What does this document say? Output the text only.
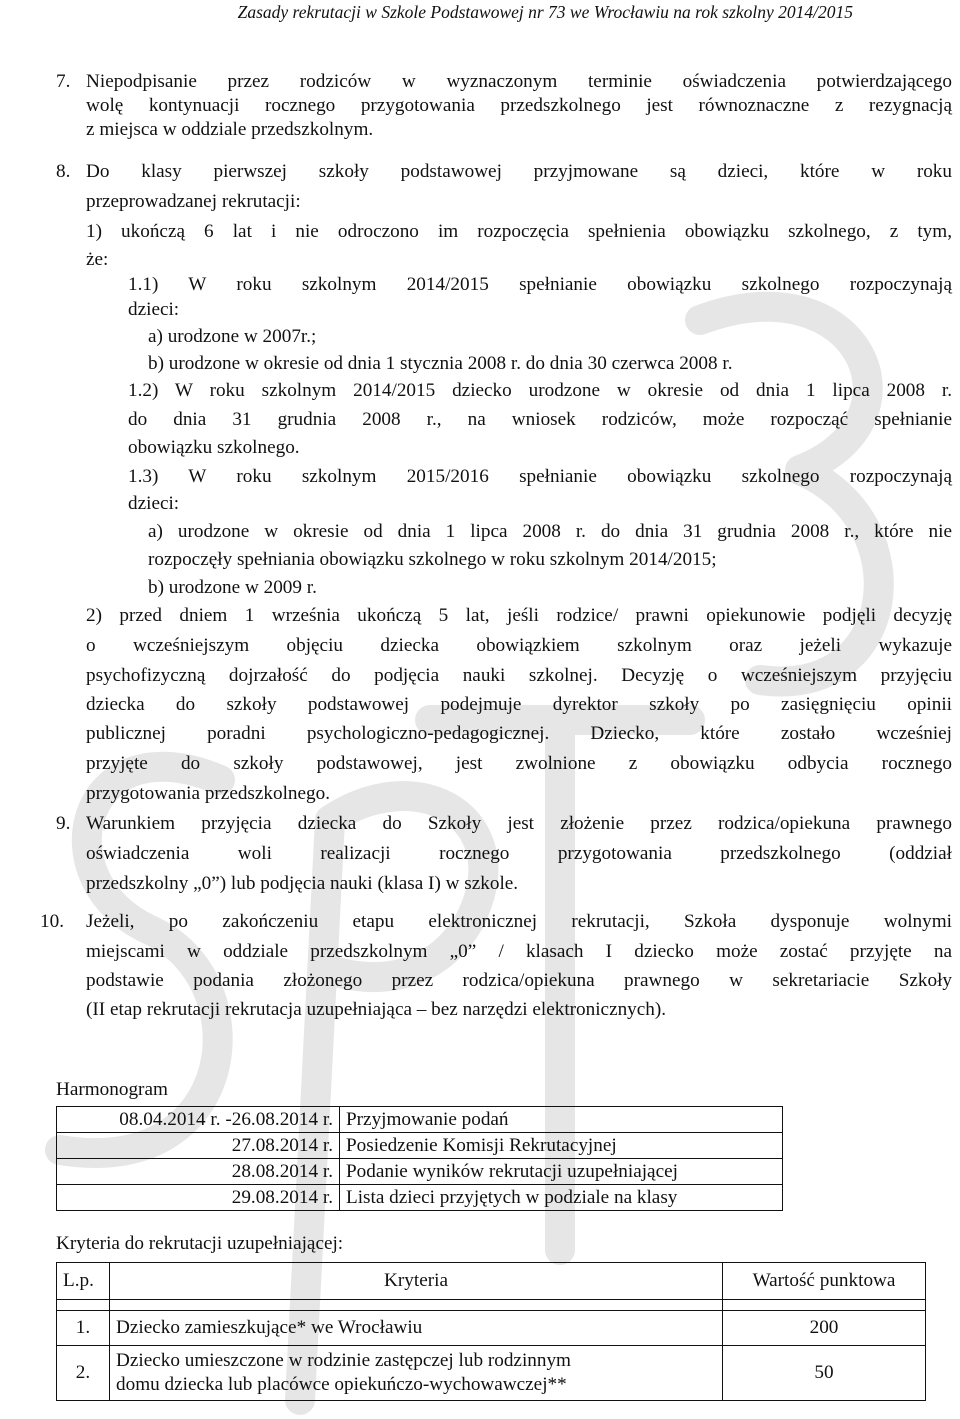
Zasady rekrutacji w Szkole Podstawowej nr 73 we Wrocławiu na rok szkolny 2014/2015
7. Niepodpisanie przez rodziców w wyznaczonym terminie oświadczenia potwierdzającego
wolę kontynuacji rocznego przygotowania przedszkolnego jest równoznaczne z rezygnacją
z miejsca w oddziale przedszkolnym.
8. Do klasy pierwszej szkoły podstawowej przyjmowane są dzieci, które w roku
przeprowadzanej rekrutacji:
1) ukończą 6 lat i nie odroczono im rozpoczęcia spełnienia obowiązku szkolnego, z tym,
że:
1.1) W roku szkolnym 2014/2015 spełnianie obowiązku szkolnego rozpoczynają
dzieci:
a) urodzone w 2007r.;
b) urodzone w okresie od dnia 1 stycznia 2008 r. do dnia 30 czerwca 2008 r.
1.2) W roku szkolnym 2014/2015 dziecko urodzone w okresie od dnia 1 lipca 2008 r.
do dnia 31 grudnia 2008 r., na wniosek rodziców, może rozpocząć spełnianie
obowiązku szkolnego.
1.3) W roku szkolnym 2015/2016 spełnianie obowiązku szkolnego rozpoczynają
dzieci:
a) urodzone w okresie od dnia 1 lipca 2008 r. do dnia 31 grudnia 2008 r., które nie
rozpoczęły spełniania obowiązku szkolnego w roku szkolnym 2014/2015;
b) urodzone w 2009 r.
2) przed dniem 1 września ukończą 5 lat, jeśli rodzice/ prawni opiekunowie podjęli decyzję
o wcześniejszym objęciu dziecka obowiązkiem szkolnym oraz jeżeli wykazuje
psychofizyczną dojrzałość do podjęcia nauki szkolnej. Decyzję o wcześniejszym przyjęciu
dziecka do szkoły podstawowej podejmuje dyrektor szkoły po zasięgnięciu opinii
publicznej poradni psychologiczno-pedagogicznej. Dziecko, które zostało wcześniej
przyjęte do szkoły podstawowej, jest zwolnione z obowiązku odbycia rocznego
przygotowania przedszkolnego.
9. Warunkiem przyjęcia dziecka do Szkoły jest złożenie przez rodzica/opiekuna prawnego
oświadczenia woli realizacji rocznego przygotowania przedszkolnego (oddział
przedszkolny „0”) lub podjęcia nauki (klasa I) w szkole.
10. Jeżeli, po zakończeniu etapu elektronicznej rekrutacji, Szkoła dysponuje wolnymi
miejscami w oddziale przedszkolnym „0” / klasach I dziecko może zostać przyjęte na
podstawie podania złożonego przez rodzica/opiekuna prawnego w sekretariacie Szkoły
(II etap rekrutacji rekrutacja uzupełniająca – bez narzędzi elektronicznych).
Harmonogram
08.04.2014 r. -26.08.2014 r.	Przyjmowanie podań
27.08.2014 r.	Posiedzenie Komisji Rekrutacyjnej
28.08.2014 r.	Podanie wyników rekrutacji uzupełniającej
29.08.2014 r.	Lista dzieci przyjętych w podziale na klasy
Kryteria do rekrutacji uzupełniającej:
L.p.	Kryteria	Wartość punktowa

1.	Dziecko zamieszkujące* we Wrocławiu	200
2.	Dziecko umieszczone w rodzinie zastępczej lub rodzinnym
domu dziecka lub placówce opiekuńczo-wychowawczej**	50
